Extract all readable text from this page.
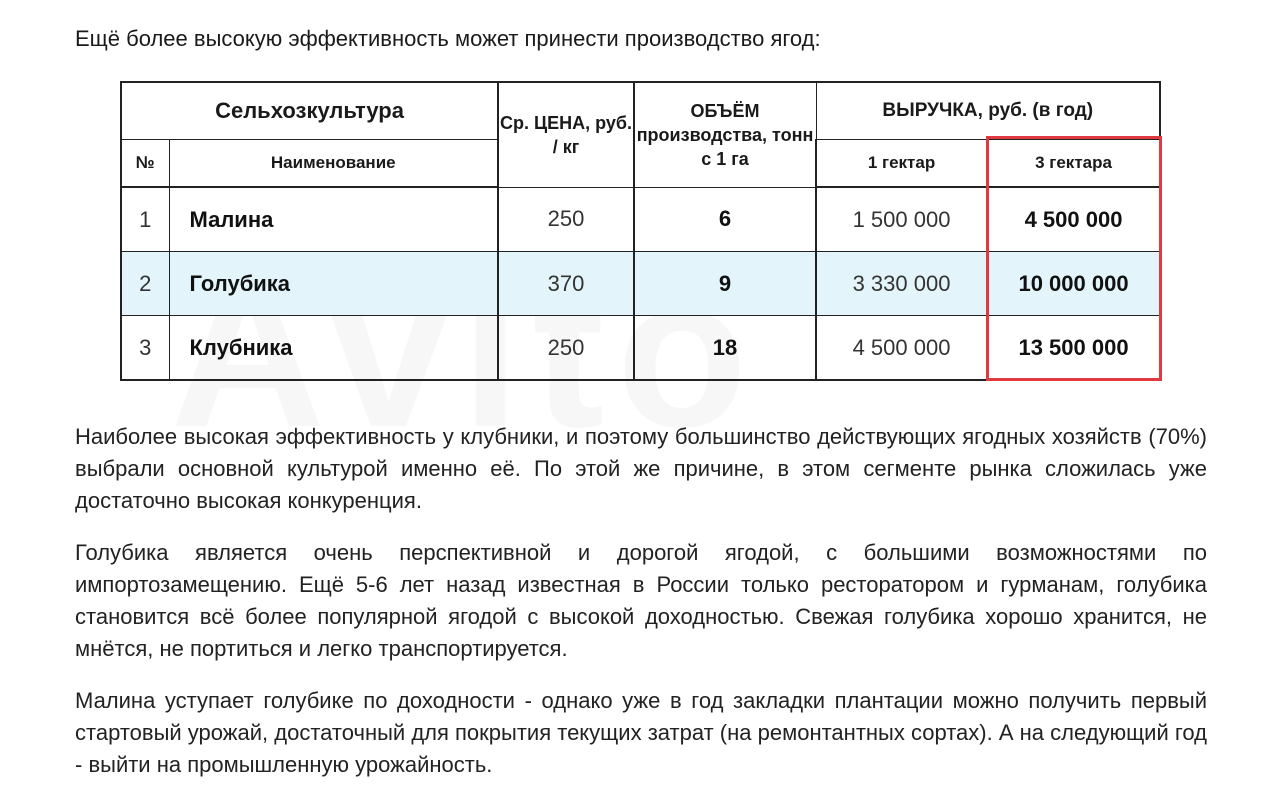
Ещё более высокую эффективность может принести производство ягод:
Сельхозкультура		Ср. ЦЕНА, руб. / кг	ОБЪЁМ производства, тонн с 1 га	ВЫРУЧКА, руб. (в год)	
№	Наименование			1 гектар	3 гектара
1	Малина	250	6	1 500 000	4 500 000
2	Голубика	370	9	3 330 000	10 000 000
3	Клубника	250	18	4 500 000	13 500 000

Наиболее высокая эффективность у клубники, и поэтому большинство действующих ягодных хозяйств (70%) выбрали основной культурой именно её. По этой же причине, в этом сегменте рынка сложилась уже достаточно высокая конкуренция.

Голубика является очень перспективной и дорогой ягодой, с большими возможностями по импортозамещению. Ещё 5-6 лет назад известная в России только ресторатором и гурманам, голубика становится всё более популярной ягодой с высокой доходностью. Свежая голубика хорошо хранится, не мнётся, не портиться и легко транспортируется.

Малина уступает голубике по доходности - однако уже в год закладки плантации можно получить первый стартовый урожай, достаточный для покрытия текущих затрат (на ремонтантных сортах). А на следующий год - выйти на промышленную урожайность.
